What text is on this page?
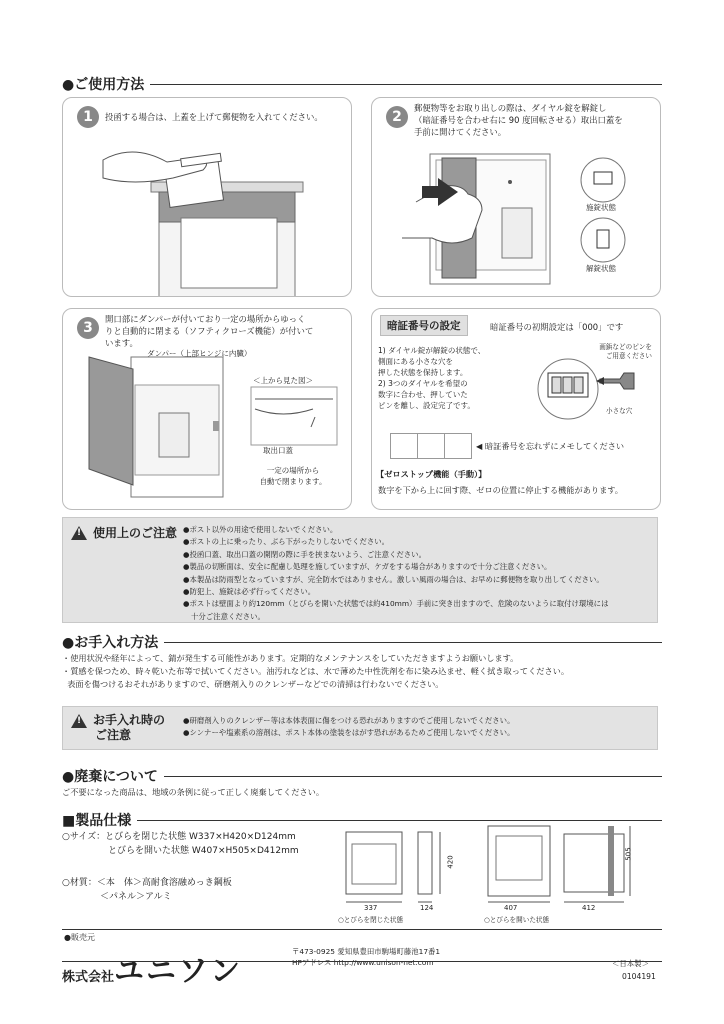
●ご使用方法
1	投函する場合は、上蓋を上げて郵便物を入れてください。	2
郵便物等をお取り出しの際は、ダイヤル錠を解錠し
（暗証番号を合わせ右に 90 度回転させる）取出口蓋を
手前に開けてください。
施錠状態
解錠状態
3
開口部にダンパーが付いており一定の場所からゆっく
りと自動的に閉まる（ソフティクローズ機能）が付いて
います。
ダンパー（上部ヒンジに内臓）
＜上から見た図＞
取出口蓋
一定の場所から
自動で閉まります。
暗証番号の設定	暗証番号の初期設定は「000」です
1) ダイヤル錠が解錠の状態で、
側面にある小さな穴を
押した状態を保持します。
2) 3つのダイヤルを希望の
数字に合わせ、押していた
ピンを離し、設定完了です。
画鋲などのピンを
ご用意ください
小さな穴
◀ 暗証番号を忘れずにメモしてください
【ゼロストップ機能（手動）】
数字を下から上に回す際、ゼロの位置に停止する機能があります。
!
使用上のご注意
●	ポスト以外の用途で使用しないでください。
● ポストの上に乗ったり、ぶら下がったりしないでください。
● 投函口蓋、取出口蓋の開閉の際に手を挟まないよう、ご注意ください。
● 製品の切断面は、安全に配慮し処理を施していますが、ケガをする場合がありますので十分ご注意ください。
● 本製品は防雨型となっていますが、完全防水ではありません。激しい風雨の場合は、お早めに郵便物を取り出してください。
● 防犯上、施錠は必ず行ってください。
● ポストは壁面より約120mm（とびらを開いた状態では約410mm）手前に突き出ますので、危険のないように取付け環境には

十分ご注意ください。

●お手入れ方法
・使用状況や経年によって、錆が発生する可能性があります。定期的なメンテナンスをしていただきますようお願いします。
・質感を保つため、時々乾いた布等で拭いてください。油汚れなどは、水で薄めた中性洗剤を布に染み込ませ、軽く拭き取ってください。
表面を傷つけるおそれがありますので、研磨剤入りのクレンザーなどでの清掃は行わないでください。
!
お手入れ時の
ご注意
● 研磨剤入りのクレンザー等は本体表面に傷をつける恐れがありますのでご使用しないでください。
● シンナーや塩素系の溶剤は、ポスト本体の塗装をはがす恐れがあるためご使用しないでください。
●廃棄について
ご不要になった商品は、地域の条例に従って正しく廃棄してください。
■製品仕様
○サイズ：とびらを閉じた状態 W337×H420×D124mm
とびらを開いた状態 W407×H505×D412mm
○材質：＜本　体＞高耐食溶融めっき鋼板
＜パネル＞アルミ
337	124
420
407	412
505
○とびらを閉じた状態	○とびらを開いた状態
●販売元
株式会社 ユニソン
〒473-0925 愛知県豊田市駒場町藤池17番1
HPアドレス http://www.unison-net.com	＜日本製＞
0104191
